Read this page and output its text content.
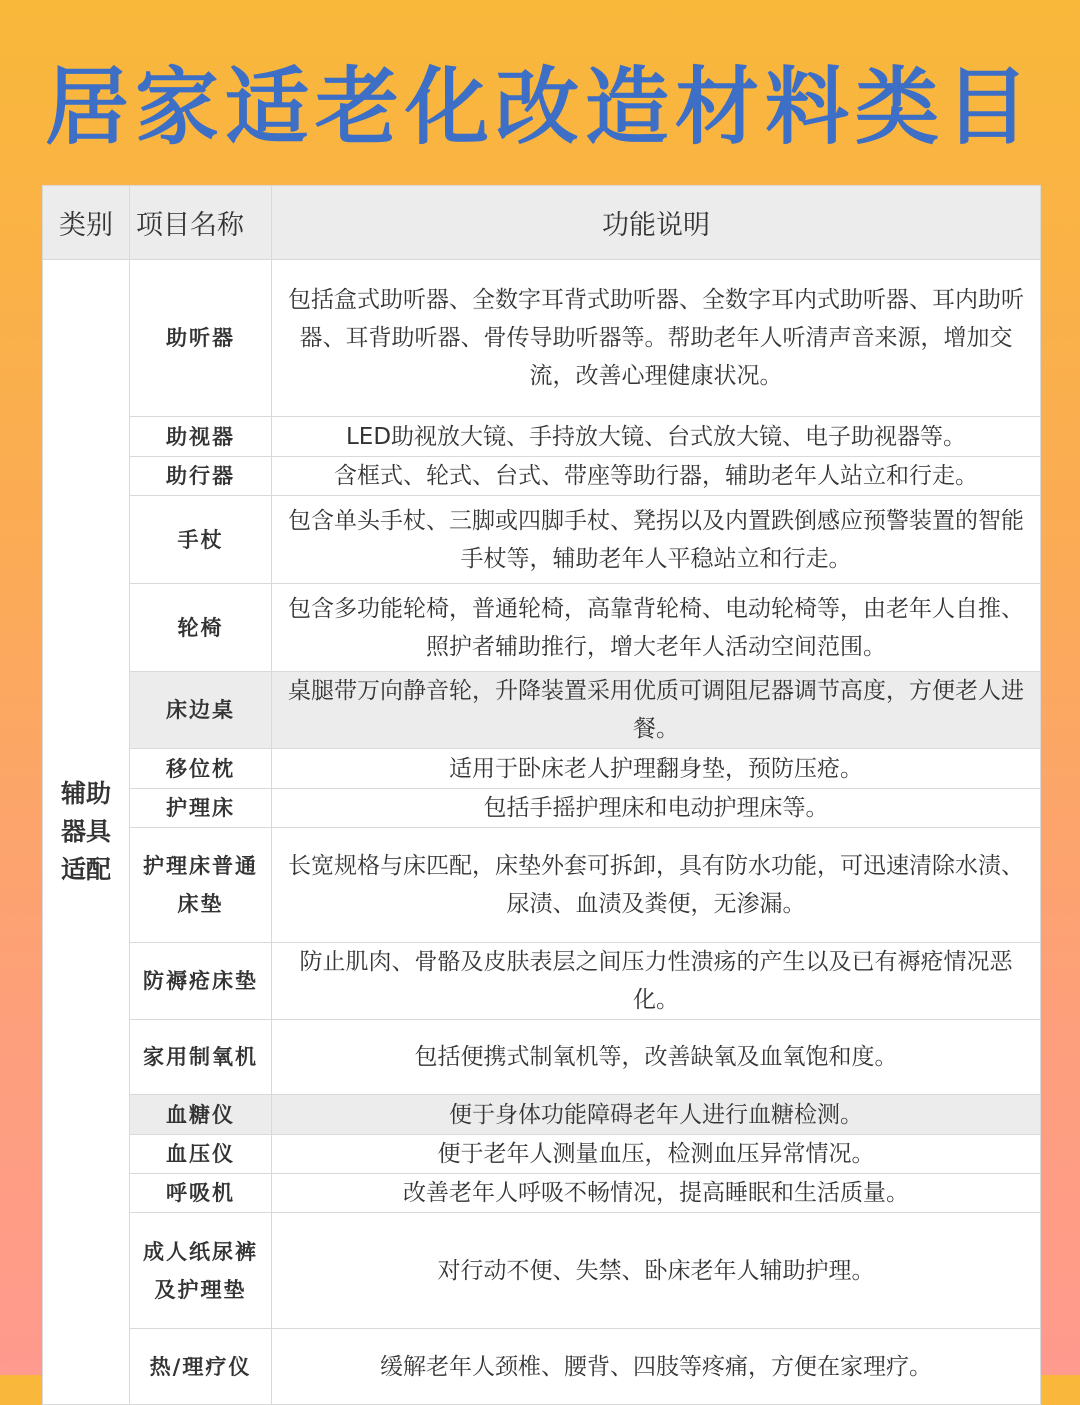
居家适老化改造材料类目
类别	项目名称	功能说明
辅助器具适配	助听器	包括盒式助听器、全数字耳背式助听器、全数字耳内式助听器、耳内助听器、耳背助听器、骨传导助听器等。帮助老年人听清声音来源，增加交流，改善心理健康状况。
	助视器	LED助视放大镜、手持放大镜、台式放大镜、电子助视器等。
	助行器	含框式、轮式、台式、带座等助行器，辅助老年人站立和行走。
	手杖	包含单头手杖、三脚或四脚手杖、凳拐以及内置跌倒感应预警装置的智能手杖等，辅助老年人平稳站立和行走。
	轮椅	包含多功能轮椅，普通轮椅，高靠背轮椅、电动轮椅等，由老年人自推、照护者辅助推行，增大老年人活动空间范围。
	床边桌	桌腿带万向静音轮，升降装置采用优质可调阻尼器调节高度，方便老人进餐。
	移位枕	适用于卧床老人护理翻身垫，预防压疮。
	护理床	包括手摇护理床和电动护理床等。
	护理床普通床垫	长宽规格与床匹配，床垫外套可拆卸，具有防水功能，可迅速清除水渍、尿渍、血渍及粪便，无渗漏。
	防褥疮床垫	防止肌肉、骨骼及皮肤表层之间压力性溃疡的产生以及已有褥疮情况恶化。
	家用制氧机	包括便携式制氧机等，改善缺氧及血氧饱和度。
	血糖仪	便于身体功能障碍老年人进行血糖检测。
	血压仪	便于老年人测量血压，检测血压异常情况。
	呼吸机	改善老年人呼吸不畅情况，提高睡眠和生活质量。
	成人纸尿裤及护理垫	对行动不便、失禁、卧床老年人辅助护理。
	热/理疗仪	缓解老年人颈椎、腰背、四肢等疼痛，方便在家理疗。
